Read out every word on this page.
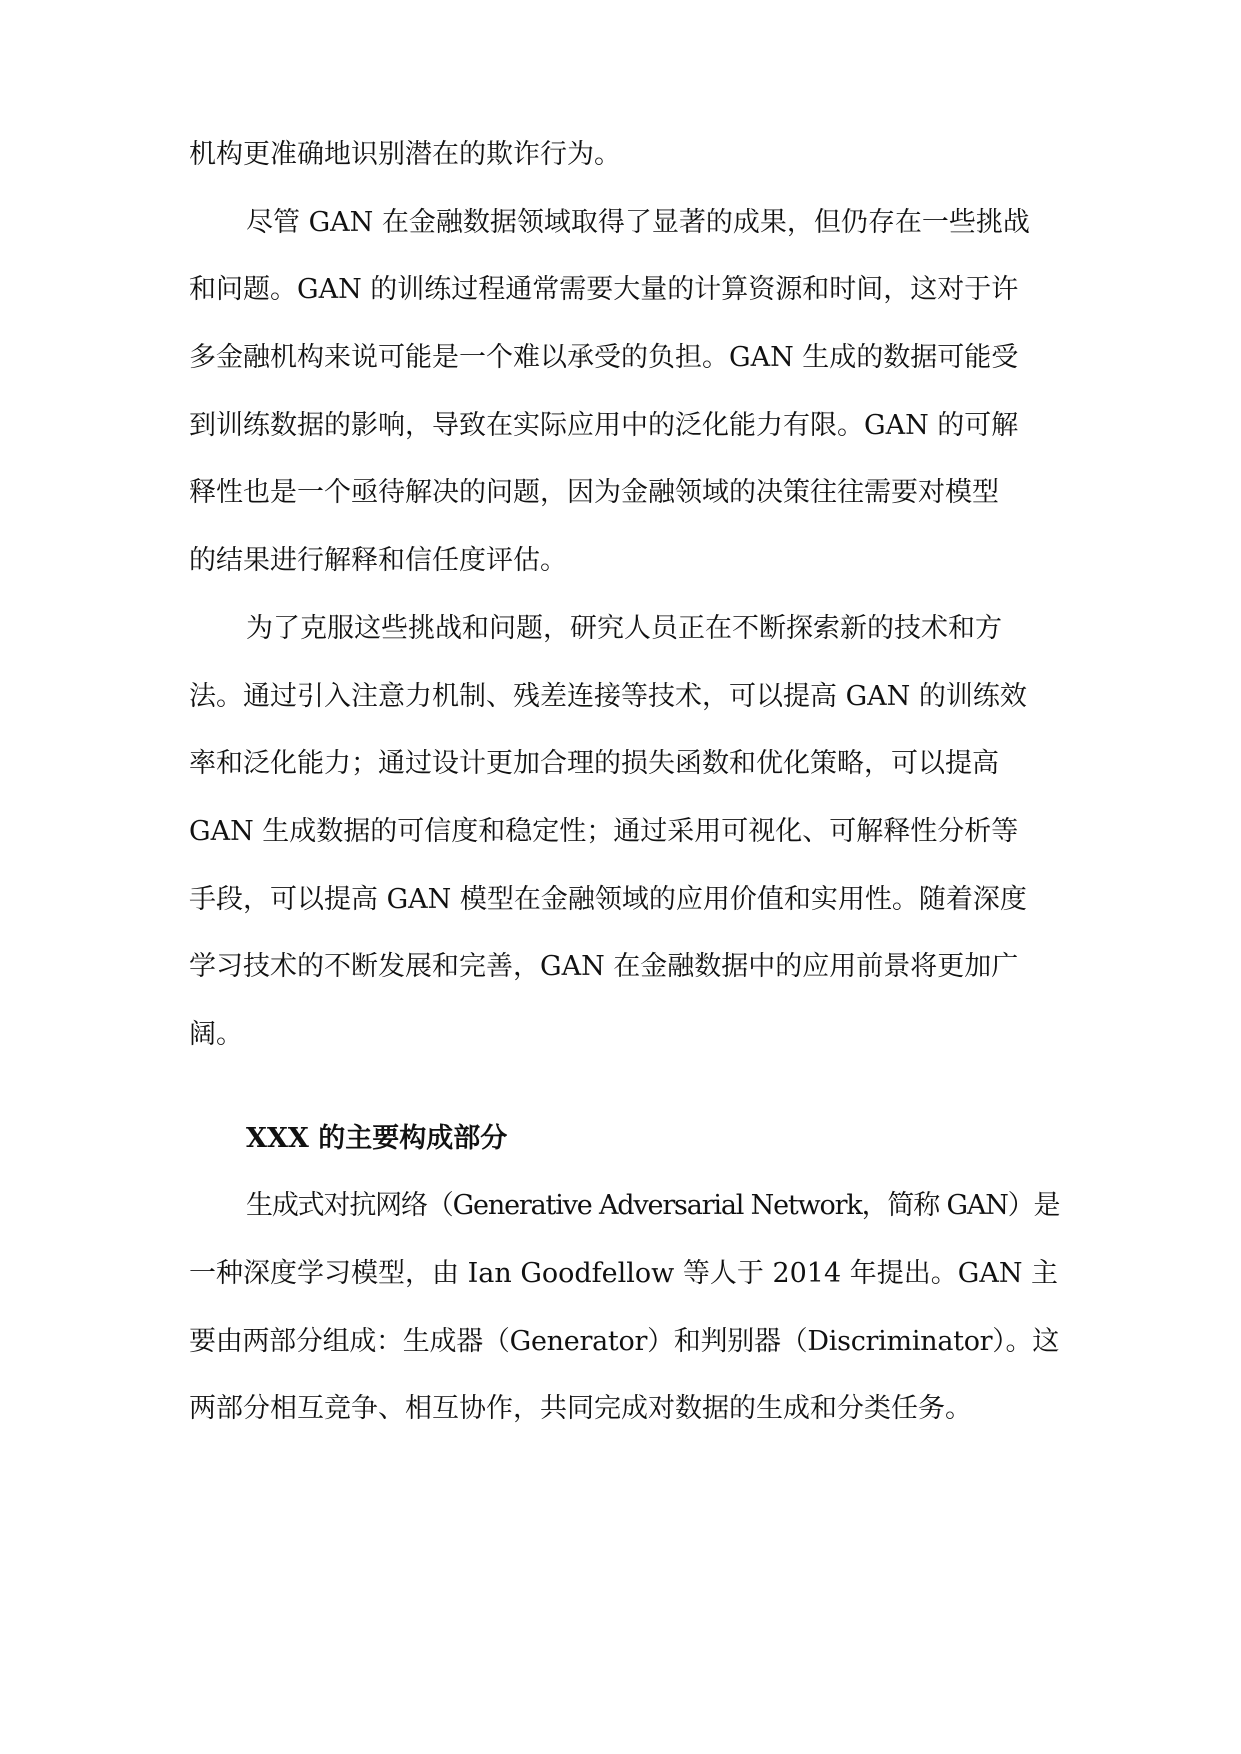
机构更准确地识别潜在的欺诈行为。
尽管 GAN 在金融数据领域取得了显著的成果，但仍存在一些挑战
和问题。GAN 的训练过程通常需要大量的计算资源和时间，这对于许
多金融机构来说可能是一个难以承受的负担。GAN 生成的数据可能受
到训练数据的影响，导致在实际应用中的泛化能力有限。GAN 的可解
释性也是一个亟待解决的问题，因为金融领域的决策往往需要对模型
的结果进行解释和信任度评估。
为了克服这些挑战和问题，研究人员正在不断探索新的技术和方
法。通过引入注意力机制、残差连接等技术，可以提高 GAN 的训练效
率和泛化能力；通过设计更加合理的损失函数和优化策略，可以提高
GAN 生成数据的可信度和稳定性；通过采用可视化、可解释性分析等
手段，可以提高 GAN 模型在金融领域的应用价值和实用性。随着深度
学习技术的不断发展和完善，GAN 在金融数据中的应用前景将更加广
阔。
XXX 的主要构成部分
生成式对抗网络（Generative Adversarial Network，简称 GAN）是
一种深度学习模型，由 Ian Goodfellow 等人于 2014 年提出。GAN 主
要由两部分组成：生成器（Generator）和判别器（Discriminator）。这
两部分相互竞争、相互协作，共同完成对数据的生成和分类任务。
